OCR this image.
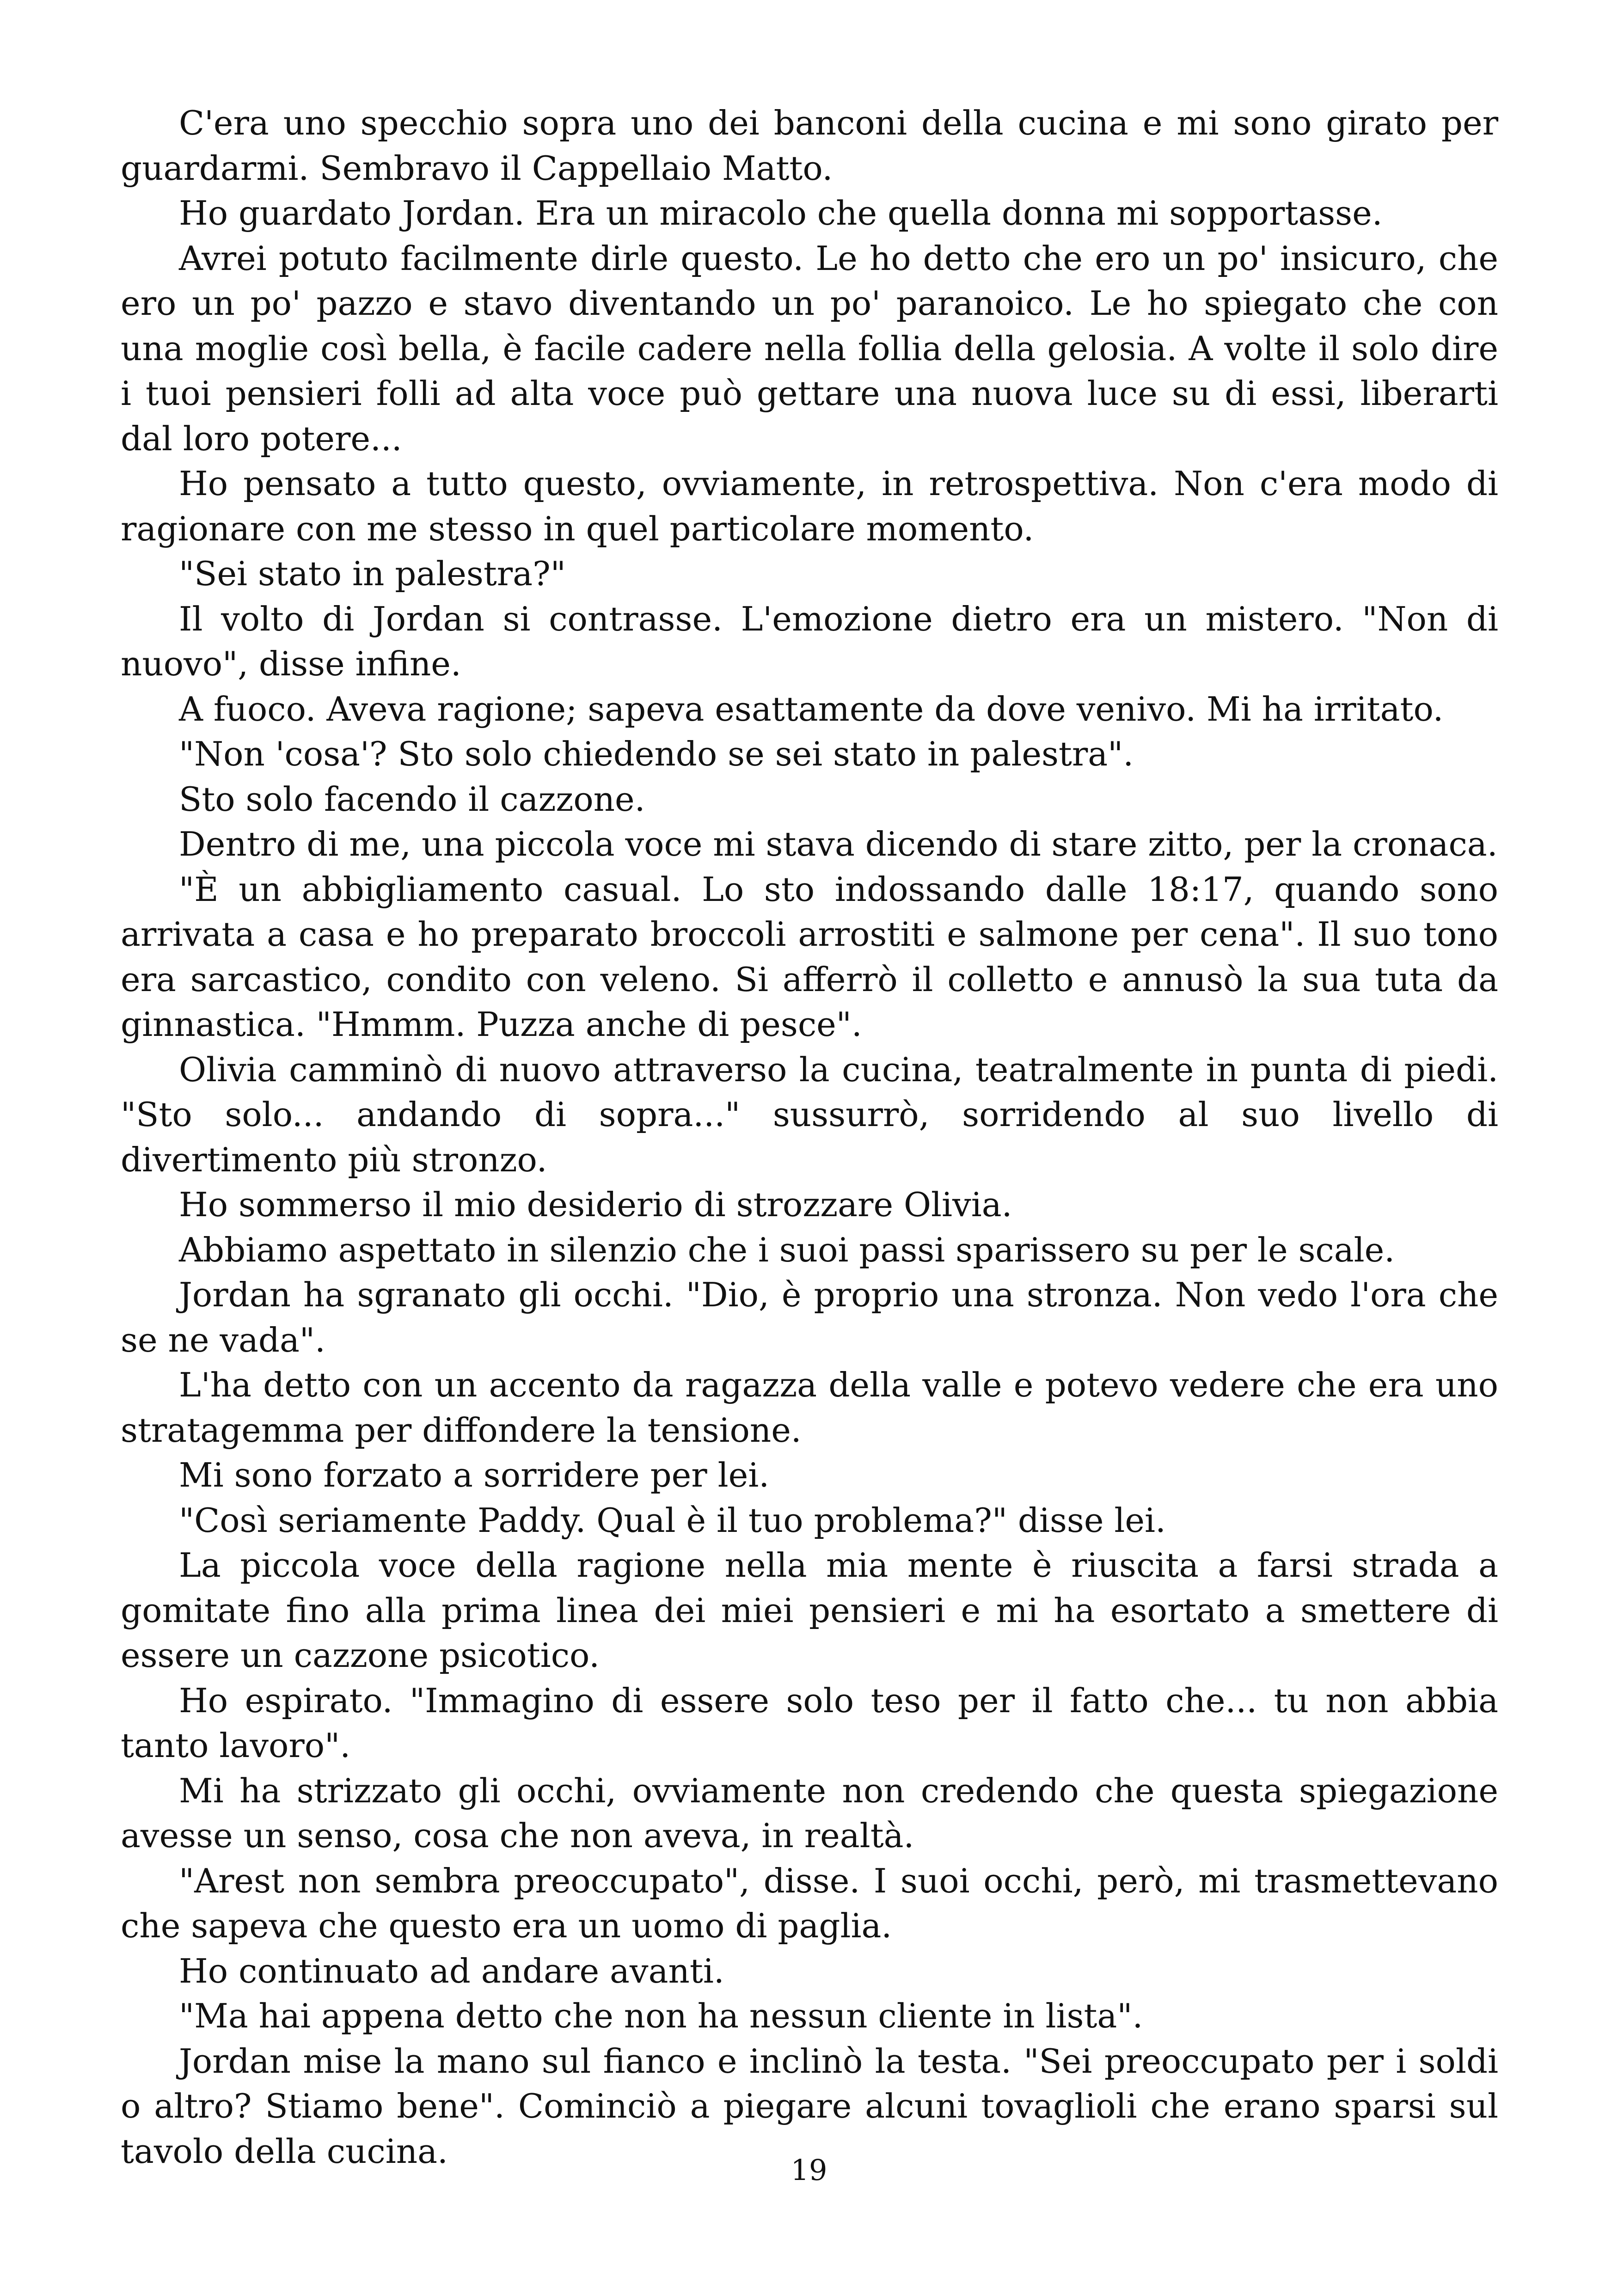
C'era uno specchio sopra uno dei banconi della cucina e mi sono girato per guardarmi. Sembravo il Cappellaio Matto.

Ho guardato Jordan. Era un miracolo che quella donna mi sopportasse.

Avrei potuto facilmente dirle questo. Le ho detto che ero un po' insicuro, che ero un po' pazzo e stavo diventando un po' paranoico. Le ho spiegato che con una moglie così bella, è facile cadere nella follia della gelosia. A volte il solo dire i tuoi pensieri folli ad alta voce può gettare una nuova luce su di essi, liberarti dal loro potere...

Ho pensato a tutto questo, ovviamente, in retrospettiva. Non c'era modo di ragionare con me stesso in quel particolare momento.

"Sei stato in palestra?"

Il volto di Jordan si contrasse. L'emozione dietro era un mistero. "Non di nuovo", disse infine.

A fuoco. Aveva ragione; sapeva esattamente da dove venivo. Mi ha irritato.

"Non 'cosa'? Sto solo chiedendo se sei stato in palestra".

Sto solo facendo il cazzone.

Dentro di me, una piccola voce mi stava dicendo di stare zitto, per la cronaca.

"È un abbigliamento casual. Lo sto indossando dalle 18:17, quando sono arrivata a casa e ho preparato broccoli arrostiti e salmone per cena". Il suo tono era sarcastico, condito con veleno. Si afferrò il colletto e annusò la sua tuta da ginnastica. "Hmmm. Puzza anche di pesce".

Olivia camminò di nuovo attraverso la cucina, teatralmente in punta di piedi. "Sto solo... andando di sopra..." sussurrò, sorridendo al suo livello di divertimento più stronzo.

Ho sommerso il mio desiderio di strozzare Olivia.

Abbiamo aspettato in silenzio che i suoi passi sparissero su per le scale.

Jordan ha sgranato gli occhi. "Dio, è proprio una stronza. Non vedo l'ora che se ne vada".

L'ha detto con un accento da ragazza della valle e potevo vedere che era uno stratagemma per diffondere la tensione.

Mi sono forzato a sorridere per lei.

"Così seriamente Paddy. Qual è il tuo problema?" disse lei.

La piccola voce della ragione nella mia mente è riuscita a farsi strada a gomitate fino alla prima linea dei miei pensieri e mi ha esortato a smettere di essere un cazzone psicotico.

Ho espirato. "Immagino di essere solo teso per il fatto che... tu non abbia tanto lavoro".

Mi ha strizzato gli occhi, ovviamente non credendo che questa spiegazione avesse un senso, cosa che non aveva, in realtà.

"Arest non sembra preoccupato", disse. I suoi occhi, però, mi trasmettevano che sapeva che questo era un uomo di paglia.

Ho continuato ad andare avanti.

"Ma hai appena detto che non ha nessun cliente in lista".

Jordan mise la mano sul fianco e inclinò la testa. "Sei preoccupato per i soldi o altro? Stiamo bene". Cominciò a piegare alcuni tovaglioli che erano sparsi sul tavolo della cucina.	19
